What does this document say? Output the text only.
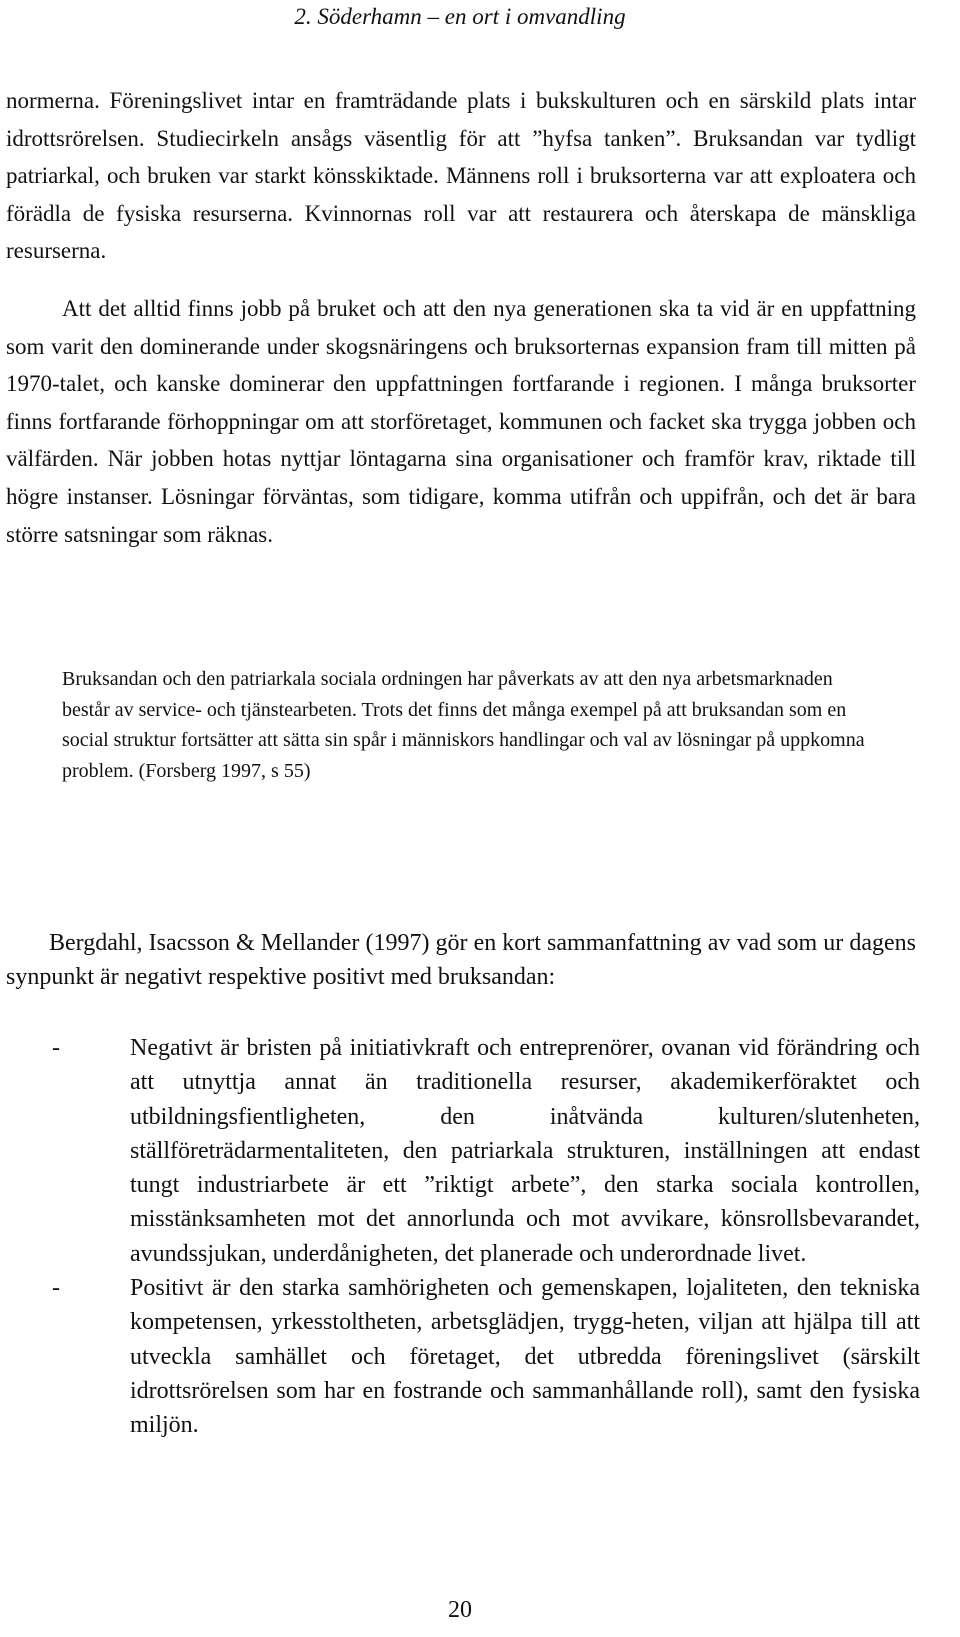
2. Söderhamn – en ort i omvandling

normerna. Föreningslivet intar en framträdande plats i bukskulturen och en särskild plats intar idrottsrörelsen. Studiecirkeln ansågs väsentlig för att ”hyfsa tanken”. Bruksandan var tydligt patriarkal, och bruken var starkt könsskiktade. Männens roll i bruksorterna var att exploatera och förädla de fysiska resurserna. Kvinnornas roll var att restaurera och återskapa de mänskliga resurserna.

Att det alltid finns jobb på bruket och att den nya generationen ska ta vid är en uppfattning som varit den dominerande under skogsnäringens och bruksorternas expansion fram till mitten på 1970-talet, och kanske dominerar den uppfattningen fortfarande i regionen. I många bruksorter finns fortfarande förhoppningar om att storföretaget, kommunen och facket ska trygga jobben och välfärden. När jobben hotas nyttjar löntagarna sina organisationer och framför krav, riktade till högre instanser. Lösningar förväntas, som tidigare, komma utifrån och uppifrån, och det är bara större satsningar som räknas.

Bruksandan och den patriarkala sociala ordningen har påverkats av att den nya arbetsmarknaden består av service- och tjänstearbeten. Trots det finns det många exempel på att bruksandan som en social struktur fortsätter att sätta sin spår i människors handlingar och val av lösningar på uppkomna problem. (Forsberg 1997, s 55)

Bergdahl, Isacsson & Mellander (1997) gör en kort sammanfattning av vad som ur dagens synpunkt är negativt respektive positivt med bruksandan:

-	Negativt är bristen på initiativkraft och entreprenörer, ovanan vid förändring och att utnyttja annat än traditionella resurser, akademikerföraktet och utbildningsfientligheten, den inåtvända kulturen/slutenheten, ställföreträdarmentaliteten, den patriarkala strukturen, inställningen att endast tungt industriarbete är ett ”riktigt arbete”, den starka sociala kontrollen, misstänksamheten mot det annorlunda och mot avvikare, könsrollsbevarandet, avundssjukan, underdånigheten, det planerade och underordnade livet.

-	Positivt är den starka samhörigheten och gemenskapen, lojaliteten, den tekniska kompetensen, yrkesstoltheten, arbetsglädjen, trygg-heten, viljan att hjälpa till att utveckla samhället och företaget, det utbredda föreningslivet (särskilt idrottsrörelsen som har en fostrande och sammanhållande roll), samt den fysiska miljön.

20
